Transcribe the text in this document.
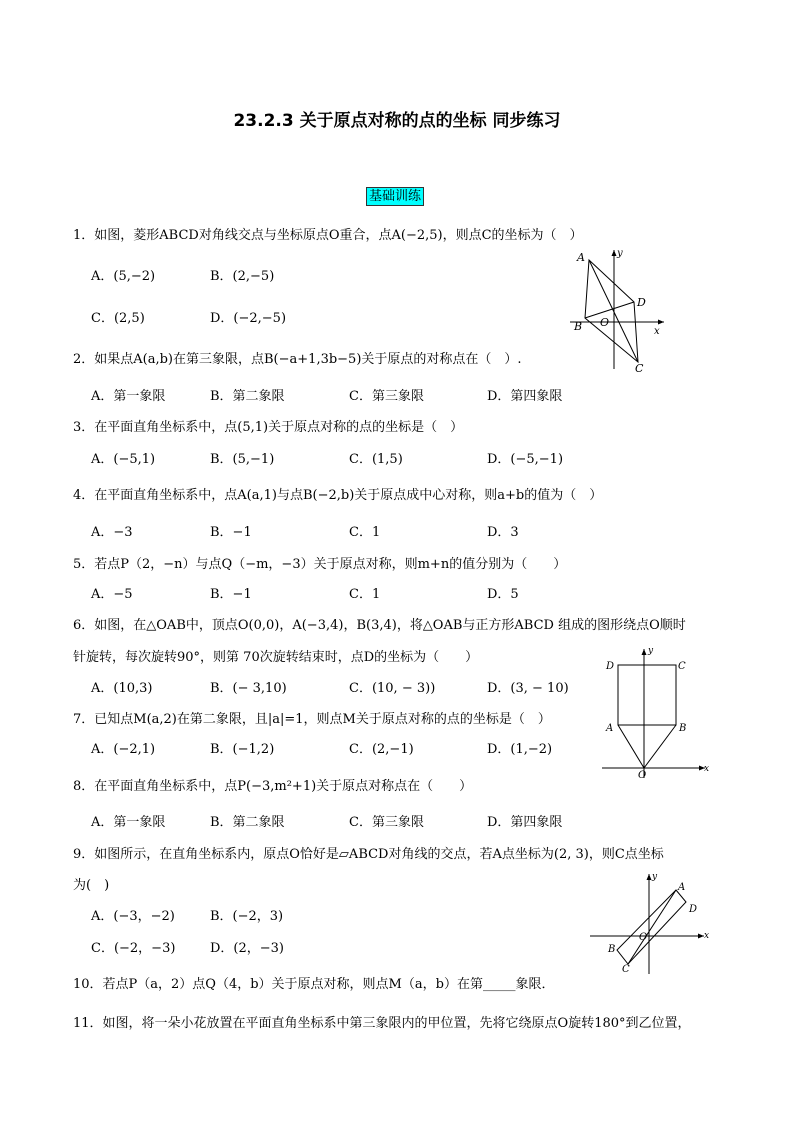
23.2.3 关于原点对称的点的坐标 同步练习
基础训练
1．如图，菱形ABCD对角线交点与坐标原点O重合，点A(−2,5)，则点C的坐标为（　）
A．(5,−2)	B．(2,−5)
C．(2,5)	D．(−2,−5)
2．如果点A(a,b)在第三象限，点B(−a+1,3b−5)关于原点的对称点在（　）.
A．第一象限	B．第二象限	C．第三象限	D．第四象限
3．在平面直角坐标系中，点(5,1)关于原点对称的点的坐标是（　）
A．(−5,1)	B．(5,−1)	C．(1,5)	D．(−5,−1)
4．在平面直角坐标系中，点A(a,1)与点B(−2,b)关于原点成中心对称，则a+b的值为（　）
A．−3	B．−1	C．1	D．3
5．若点P（2，−n）与点Q（−m，−3）关于原点对称，则m+n的值分别为（　　）
A．−5	B．−1	C．1	D．5
6．如图，在△OAB中，顶点O(0,0)，A(−3,4)，B(3,4)，将△OAB与正方形ABCD 组成的图形绕点O顺时
针旋转，每次旋转90°，则第 70次旋转结束时，点D的坐标为（　　）
A．(10,3)	B．(− 3,10)	C．(10, − 3))	D．(3, − 10)
7．已知点M(a,2)在第二象限，且|a|=1，则点M关于原点对称的点的坐标是（　）
A．(−2,1)	B．(−1,2)	C．(2,−1)	D．(1,−2)
8．在平面直角坐标系中，点P(−3,m²+1)关于原点对称点在（　　）
A．第一象限	B．第二象限	C．第三象限	D．第四象限
9．如图所示，在直角坐标系内，原点O恰好是▱ABCD对角线的交点，若A点坐标为(2, 3)，则C点坐标
为(　)
A．(−3，−2)	B．(−2，3)
C．(−2，−3)	D．(2，−3)
10．若点P（a，2）点Q（4，b）关于原点对称，则点M（a，b）在第_____象限．
11．如图，将一朵小花放置在平面直角坐标系中第三象限内的甲位置，先将它绕原点O旋转180°到乙位置，
A	y
D
B O
x
C
y
D	C
A	B
O
x
y
A
D
O	x
B
C
